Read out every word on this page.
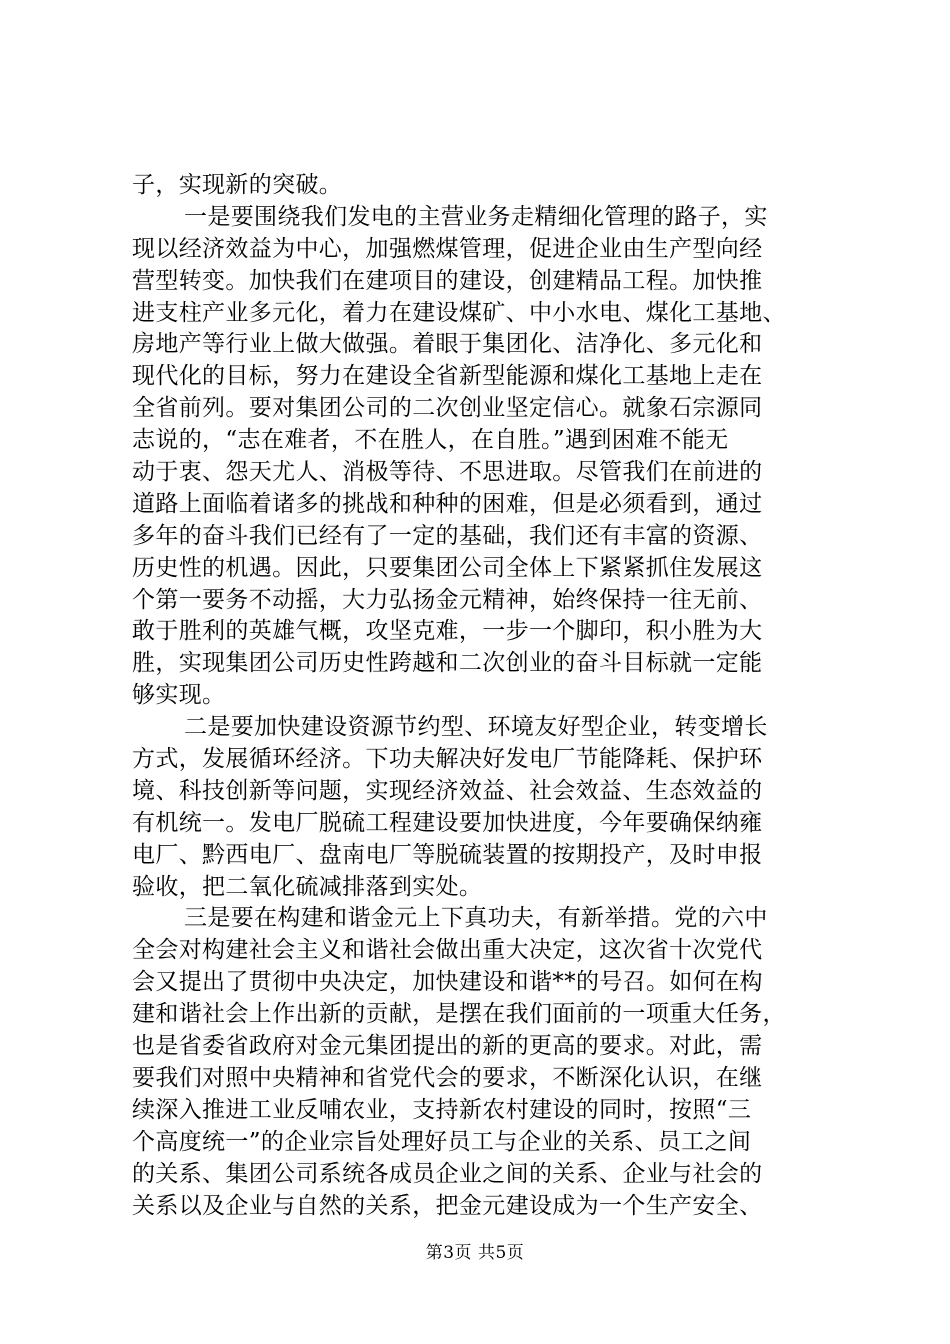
子，实现新的突破。
一是要围绕我们发电的主营业务走精细化管理的路子，实
现以经济效益为中心，加强燃煤管理，促进企业由生产型向经
营型转变。加快我们在建项目的建设，创建精品工程。加快推
进支柱产业多元化，着力在建设煤矿、中小水电、煤化工基地、
房地产等行业上做大做强。着眼于集团化、洁净化、多元化和
现代化的目标，努力在建设全省新型能源和煤化工基地上走在
全省前列。要对集团公司的二次创业坚定信心。就象石宗源同
志说的，“志在难者，不在胜人，在自胜。”遇到困难不能无
动于衷、怨天尤人、消极等待、不思进取。尽管我们在前进的
道路上面临着诸多的挑战和种种的困难，但是必须看到，通过
多年的奋斗我们已经有了一定的基础，我们还有丰富的资源、
历史性的机遇。因此，只要集团公司全体上下紧紧抓住发展这
个第一要务不动摇，大力弘扬金元精神，始终保持一往无前、
敢于胜利的英雄气概，攻坚克难，一步一个脚印，积小胜为大
胜，实现集团公司历史性跨越和二次创业的奋斗目标就一定能
够实现。
二是要加快建设资源节约型、环境友好型企业，转变增长
方式，发展循环经济。下功夫解决好发电厂节能降耗、保护环
境、科技创新等问题，实现经济效益、社会效益、生态效益的
有机统一。发电厂脱硫工程建设要加快进度，今年要确保纳雍
电厂、黔西电厂、盘南电厂等脱硫装置的按期投产，及时申报
验收，把二氧化硫减排落到实处。
三是要在构建和谐金元上下真功夫，有新举措。党的六中
全会对构建社会主义和谐社会做出重大决定，这次省十次党代
会又提出了贯彻中央决定，加快建设和谐**的号召。如何在构
建和谐社会上作出新的贡献，是摆在我们面前的一项重大任务，
也是省委省政府对金元集团提出的新的更高的要求。对此，需
要我们对照中央精神和省党代会的要求，不断深化认识，在继
续深入推进工业反哺农业，支持新农村建设的同时，按照“三
个高度统一”的企业宗旨处理好员工与企业的关系、员工之间
的关系、集团公司系统各成员企业之间的关系、企业与社会的
关系以及企业与自然的关系，把金元建设成为一个生产安全、
第3页 共5页
